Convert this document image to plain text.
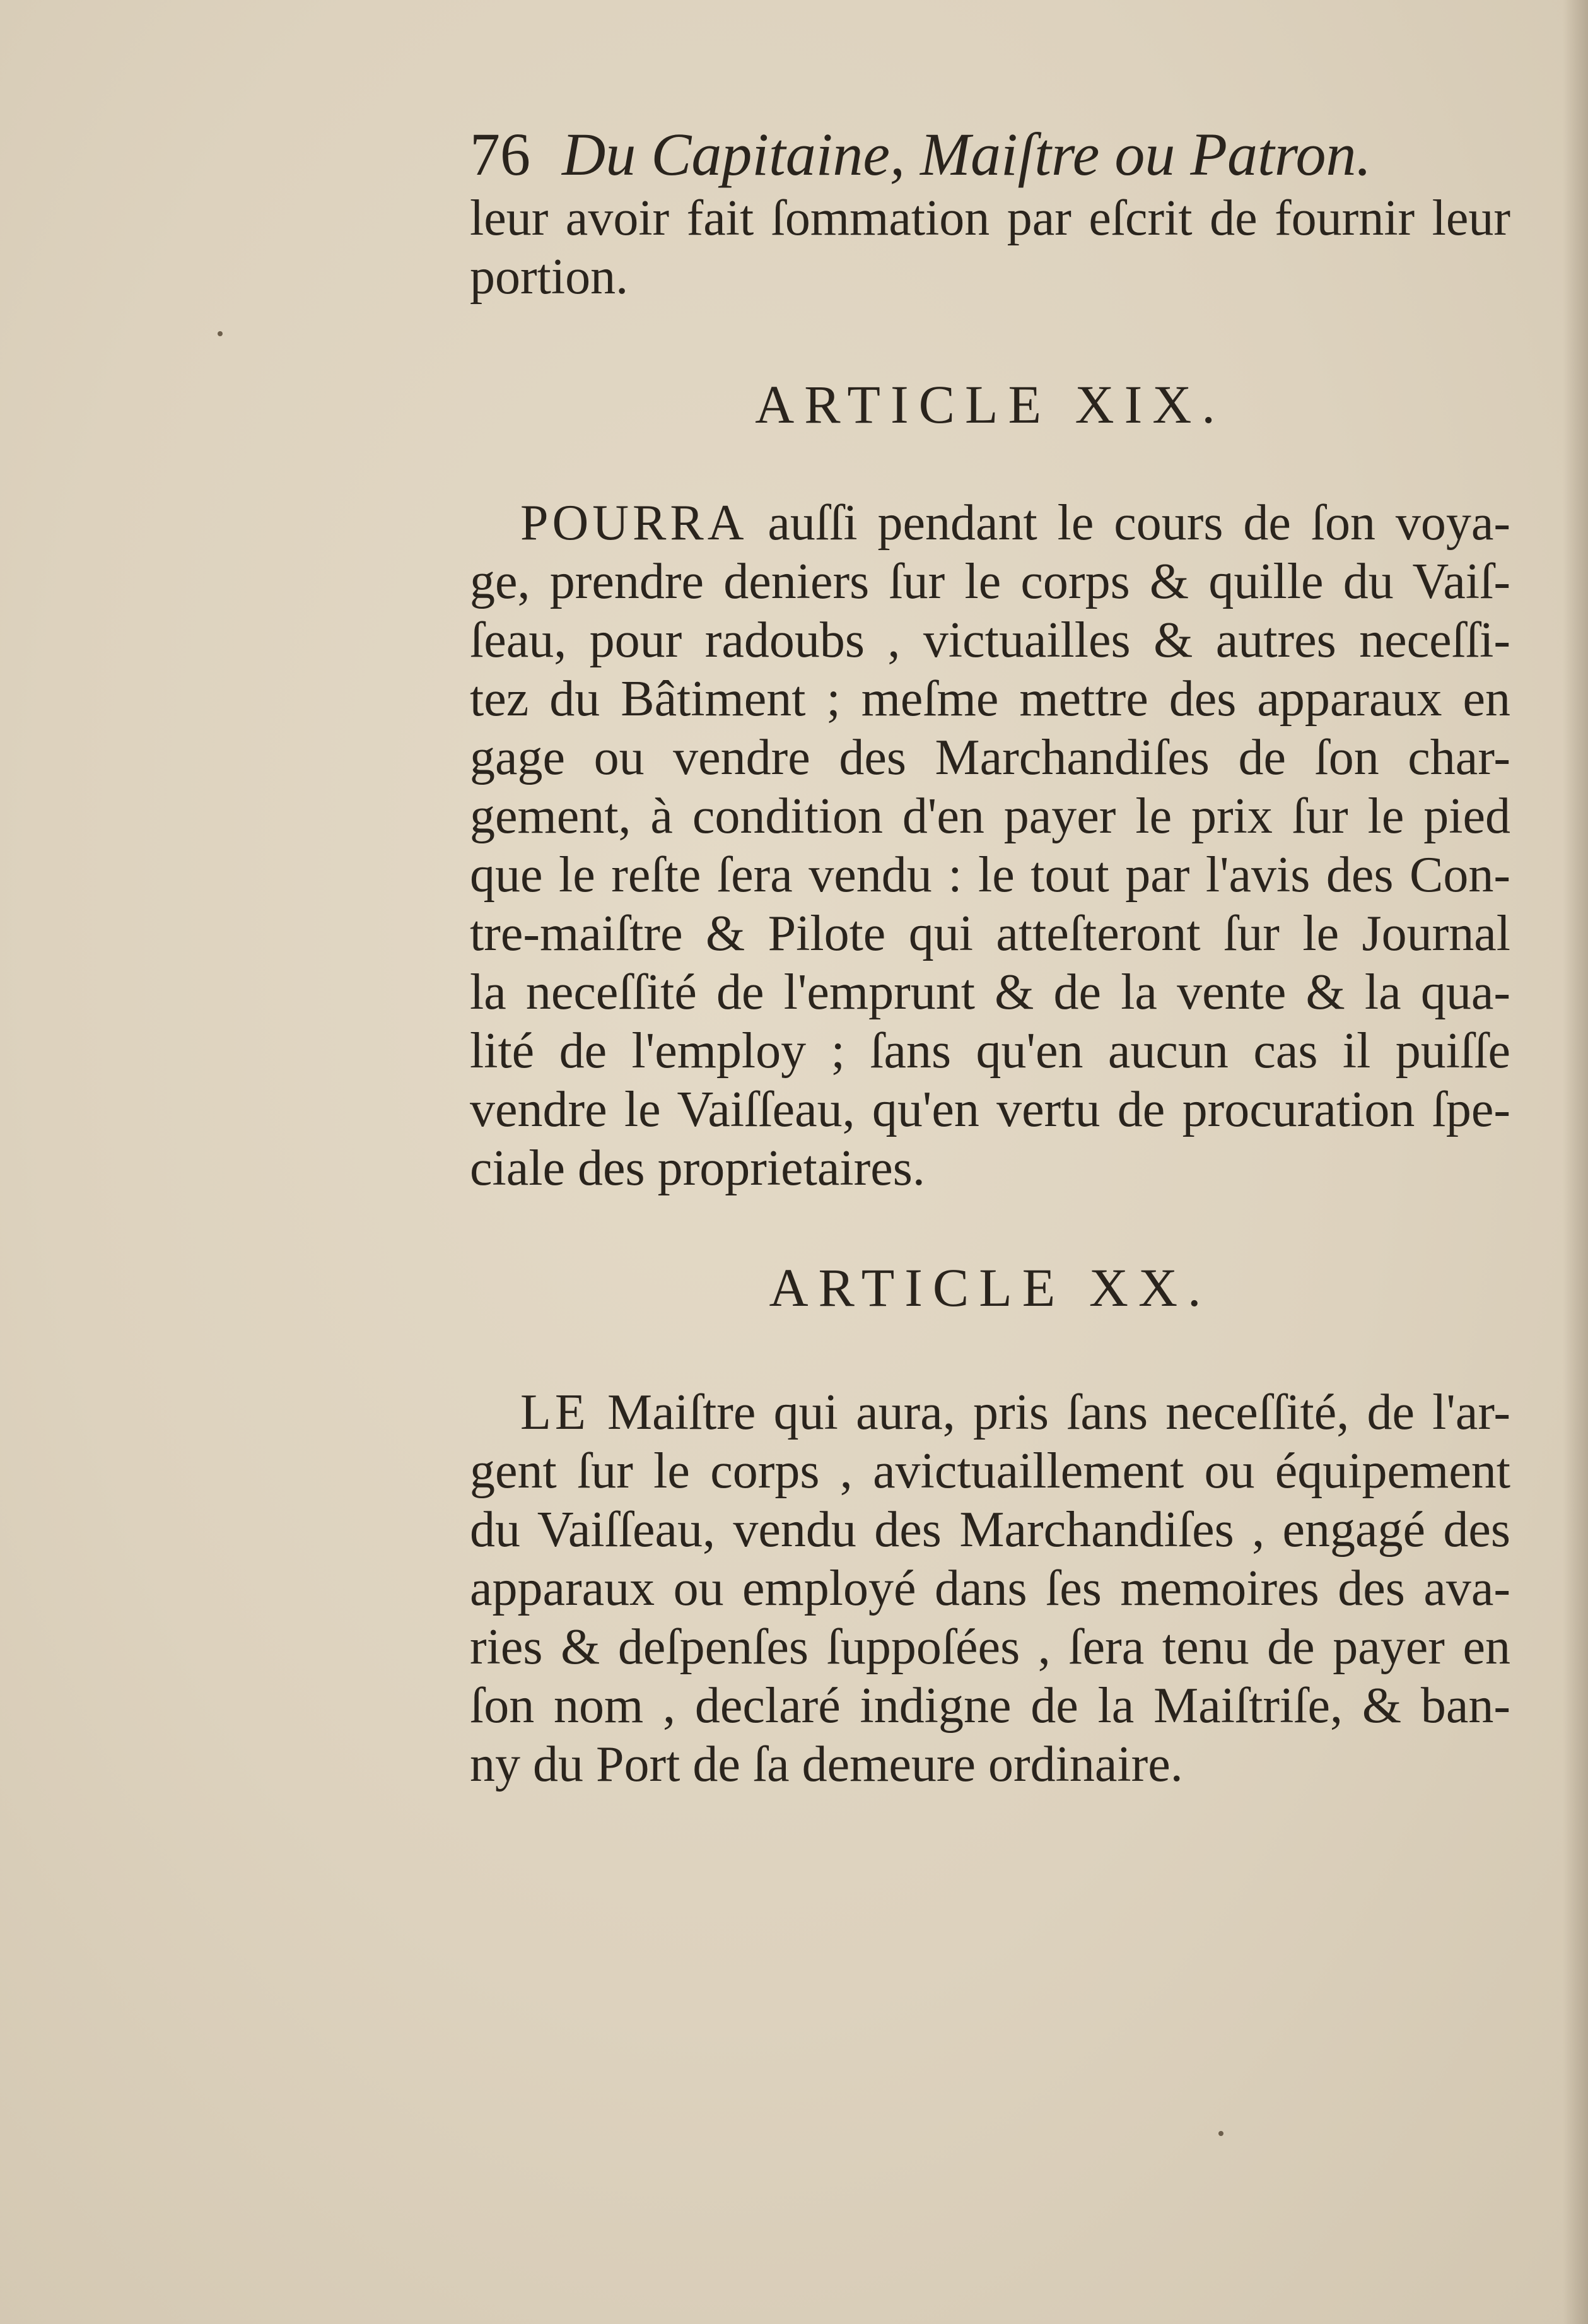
76 Du Capitaine, Maiſtre ou Patron.
leur avoir fait ſommation par eſcrit de fournir leur
portion.
ARTICLE XIX.
POURRA auſſi pendant le cours de ſon voya-
ge, prendre deniers ſur le corps & quille du Vaiſ-
ſeau, pour radoubs , victuailles & autres neceſſi-
tez du Bâtiment ; meſme mettre des apparaux en
gage ou vendre des Marchandiſes de ſon char-
gement, à condition d'en payer le prix ſur le pied
que le reſte ſera vendu : le tout par l'avis des Con-
tre-maiſtre & Pilote qui atteſteront ſur le Journal
la neceſſité de l'emprunt & de la vente & la qua-
lité de l'employ ; ſans qu'en aucun cas il puiſſe
vendre le Vaiſſeau, qu'en vertu de procuration ſpe-
ciale des proprietaires.
ARTICLE XX.
LE Maiſtre qui aura, pris ſans neceſſité, de l'ar-
gent ſur le corps , avictuaillement ou équipement
du Vaiſſeau, vendu des Marchandiſes , engagé des
apparaux ou employé dans ſes memoires des ava-
ries & deſpenſes ſuppoſées , ſera tenu de payer en
ſon nom , declaré indigne de la Maiſtriſe, & ban-
ny du Port de ſa demeure ordinaire.
